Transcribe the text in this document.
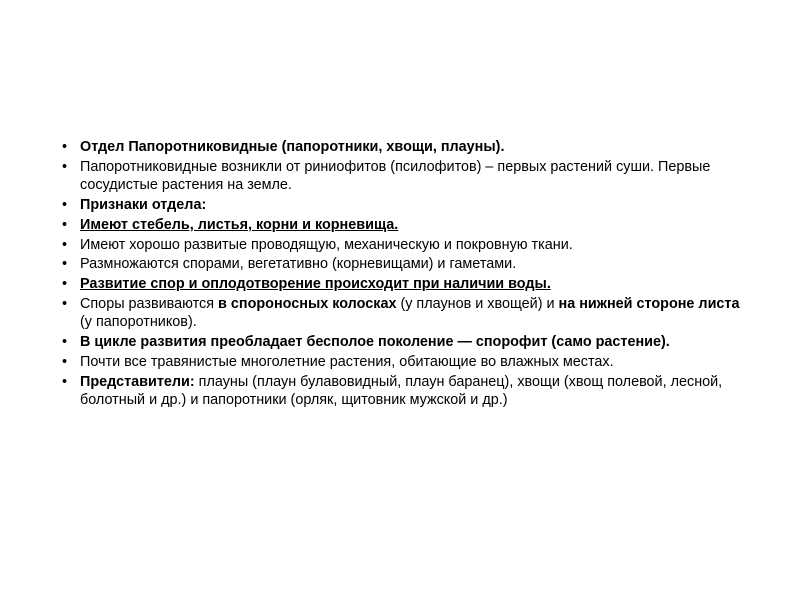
• Отдел Папоротниковидные (папоротники, хвощи, плауны).
• Папоротниковидные возникли от риниофитов (псилофитов) – первых растений суши. Первые сосудистые растения на земле.
• Признаки отдела:
• Имеют стебель, листья, корни и корневища.
• Имеют хорошо развитые проводящую, механическую и покровную ткани.
• Размножаются спорами, вегетативно (корневищами) и гаметами.
• Развитие спор и оплодотворение происходит при наличии воды.
• Споры развиваются в спороносных колосках (у плаунов и хвощей) и на нижней стороне листа (у папоротников).
• В цикле развития преобладает бесполое поколение — спорофит (само растение).
• Почти все травянистые многолетние растения, обитающие во влажных местах.
• Представители: плауны (плаун булавовидный, плаун баранец), хвощи (хвощ полевой, лесной, болотный и др.) и папоротники (орляк, щитовник мужской и др.)
